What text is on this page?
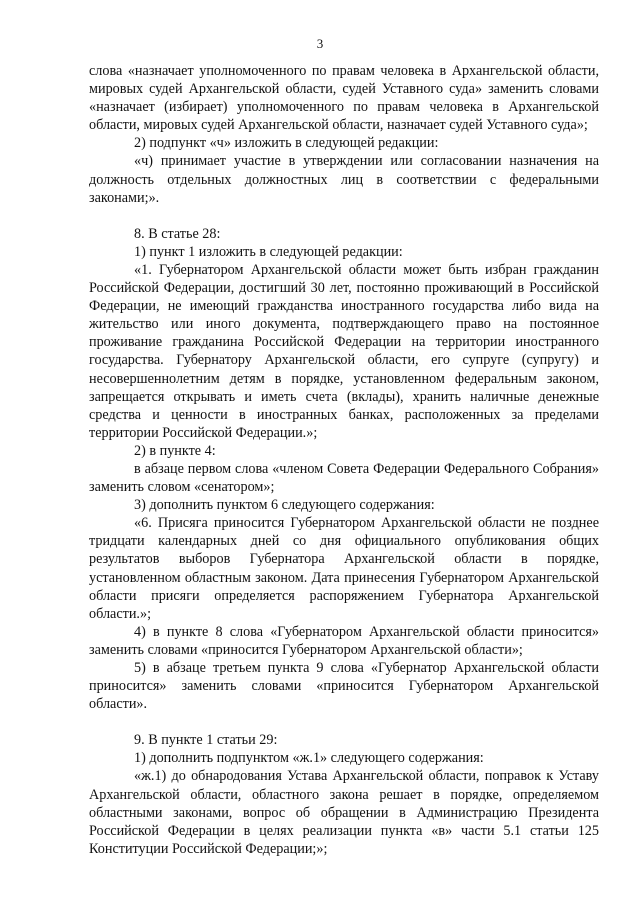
3

слова «назначает уполномоченного по правам человека в Архангельской области, мировых судей Архангельской области, судей Уставного суда» заменить словами «назначает (избирает) уполномоченного по правам человека в Архангельской области, мировых судей Архангельской области, назначает судей Уставного суда»;

2) подпункт «ч» изложить в следующей редакции:

«ч) принимает участие в утверждении или согласовании назначения на должность отдельных должностных лиц в соответствии с федеральными законами;».

8. В статье 28:

1) пункт 1 изложить в следующей редакции:

«1. Губернатором Архангельской области может быть избран гражданин Российской Федерации, достигший 30 лет, постоянно проживающий в Российской Федерации, не имеющий гражданства иностранного государства либо вида на жительство или иного документа, подтверждающего право на постоянное проживание гражданина Российской Федерации на территории иностранного государства. Губернатору Архангельской области, его супруге (супругу) и несовершеннолетним детям в порядке, установленном федеральным законом, запрещается открывать и иметь счета (вклады), хранить наличные денежные средства и ценности в иностранных банках, расположенных за пределами территории Российской Федерации.»;

2) в пункте 4:

в абзаце первом слова «членом Совета Федерации Федерального Собрания» заменить словом «сенатором»;

3) дополнить пунктом 6 следующего содержания:

«6. Присяга приносится Губернатором Архангельской области не позднее тридцати календарных дней со дня официального опубликования общих результатов выборов Губернатора Архангельской области в порядке, установленном областным законом. Дата принесения Губернатором Архангельской области присяги определяется распоряжением Губернатора Архангельской области.»;

4) в пункте 8 слова «Губернатором Архангельской области приносится» заменить словами «приносится Губернатором Архангельской области»;

5) в абзаце третьем пункта 9 слова «Губернатор Архангельской области приносится» заменить словами «приносится Губернатором Архангельской области».

9. В пункте 1 статьи 29:

1) дополнить подпунктом «ж.1» следующего содержания:

«ж.1) до обнародования Устава Архангельской области, поправок к Уставу Архангельской области, областного закона решает в порядке, определяемом областными законами, вопрос об обращении в Администрацию Президента Российской Федерации в целях реализации пункта «в» части 5.1 статьи 125 Конституции Российской Федерации;»;
